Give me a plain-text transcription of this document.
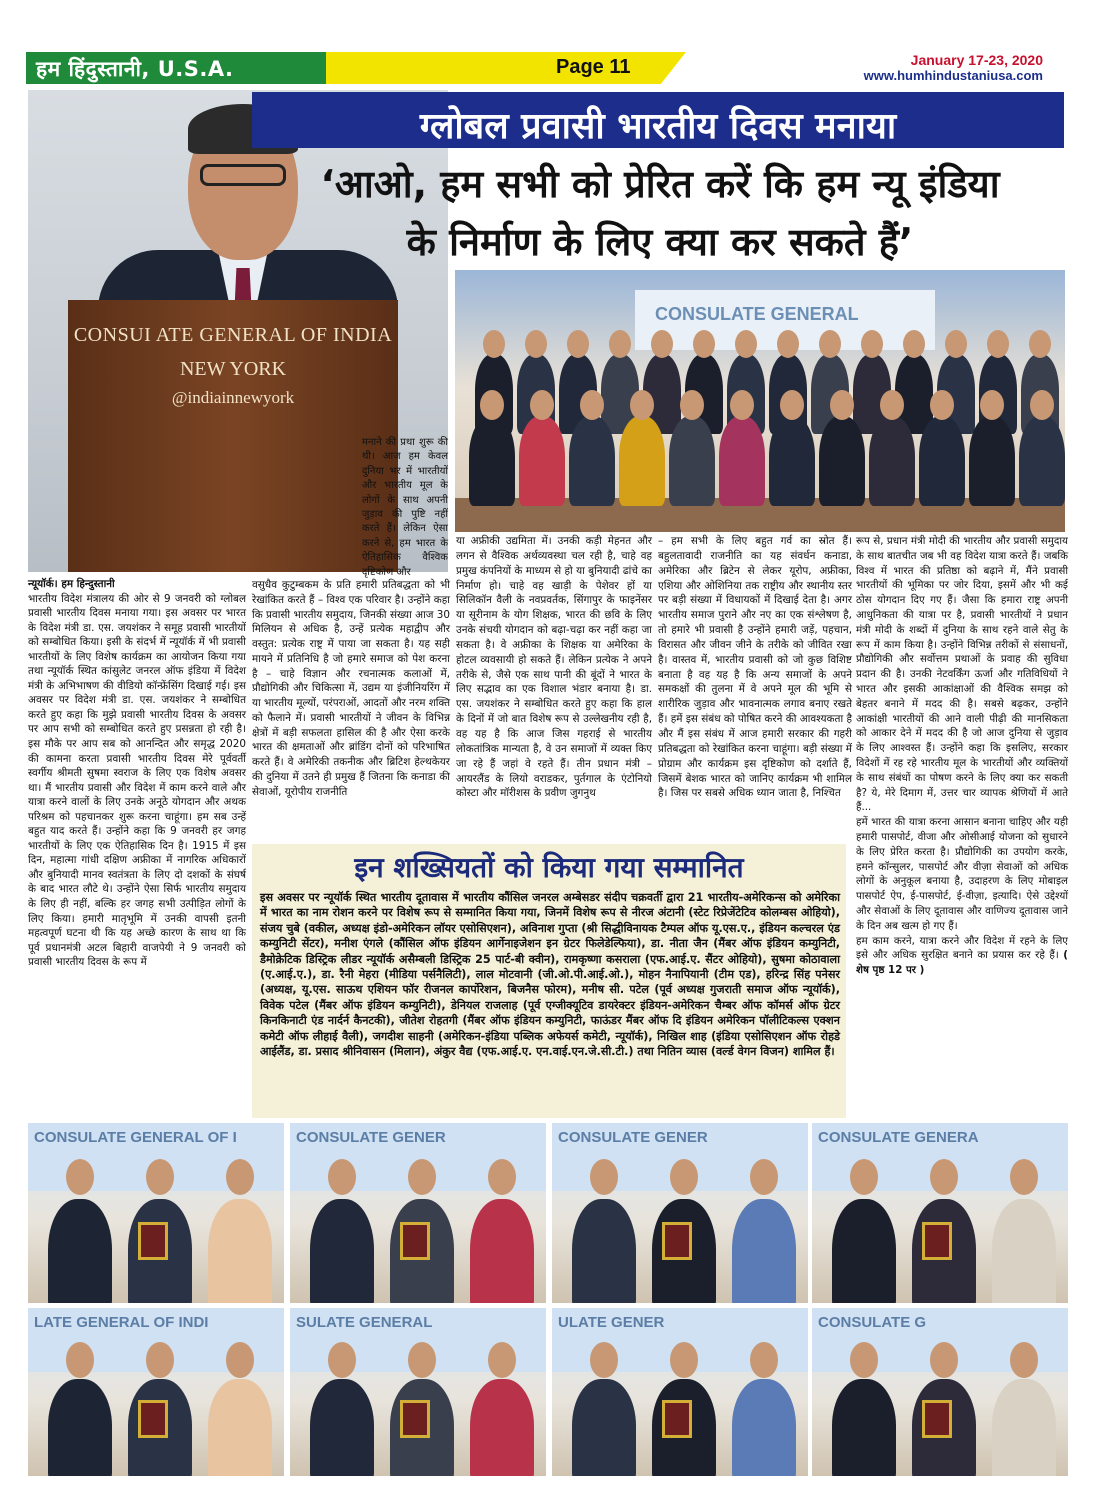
हम हिंदुस्तानी, U.S.A.	Page 11	January 17-23, 2020
www.humhindustaniusa.com
CONSUI ATE GENERAL OF INDIA
NEW YORK
@indiainnewyork
ग्लोबल प्रवासी भारतीय दिवस मनाया
‘आओ, हम सभी को प्रेरित करें कि हम न्यू इंडिया
के निर्माण के लिए क्या कर सकते हैं’
CONSULATE GENERAL
मनाने की प्रथा शुरू की थी। आज हम केवल दुनिया भर में भारतीयों और भारतीय मूल के लोगों के साथ अपनी जुड़ाव की पुष्टि नहीं करते हैं। लेकिन ऐसा करने से, हम भारत के ऐतिहासिक वैश्विक दृष्टिकोण और
न्यूयॉर्क। हम हिन्दुस्तानी
भारतीय विदेश मंत्रालय की ओर से 9 जनवरी को ग्लोबल प्रवासी भारतीय दिवस मनाया गया। इस अवसर पर भारत के विदेश मंत्री डा. एस. जयशंकर ने समूह प्रवासी भारतीयों को सम्बोधित किया। इसी के संदर्भ में न्यूयॉर्क में भी प्रवासी भारतीयों के लिए विशेष कार्यक्रम का आयोजन किया गया तथा न्यूयॉर्क स्थित कांसुलेट जनरल ऑफ इंडिया में विदेश मंत्री के अभिभाषण की वीडियो कॉन्फ्रेंसिंग दिखाई गई। इस अवसर पर विदेश मंत्री डा. एस. जयशंकर ने सम्बोधित करते हुए कहा कि मुझे प्रवासी भारतीय दिवस के अवसर पर आप सभी को सम्बोधित करते हुए प्रसन्नता हो रही है। इस मौके पर आप सब को आनन्दित और समृद्ध 2020 की कामना करता प्रवासी भारतीय दिवस मेरे पूर्ववर्ती स्वर्गीय श्रीमती सुषमा स्वराज के लिए एक विशेष अवसर था। मैं भारतीय प्रवासी और विदेश में काम करने वाले और यात्रा करने वालों के लिए उनके अनूठे योगदान और अथक परिश्रम को पहचानकर शुरू करना चाहूंगा। हम सब उन्हें बहुत याद करते हैं। उन्होंने कहा कि 9 जनवरी हर जगह भारतीयों के लिए एक ऐतिहासिक दिन है। 1915 में इस दिन, महात्मा गांधी दक्षिण अफ्रीका में नागरिक अधिकारों और बुनियादी मानव स्वतंत्रता के लिए दो दशकों के संघर्ष के बाद भारत लौटे थे। उन्होंने ऐसा सिर्फ भारतीय समुदाय के लिए ही नहीं, बल्कि हर जगह सभी उत्पीड़ित लोगों के लिए किया। हमारी मातृभूमि में उनकी वापसी इतनी महत्वपूर्ण घटना थी कि यह अच्छे कारण के साथ था कि पूर्व प्रधानमंत्री अटल बिहारी वाजपेयी ने 9 जनवरी को प्रवासी भारतीय दिवस के रूप में
वसुधैव कुटुम्बकम के प्रति हमारी प्रतिबद्धता को भी रेखांकित करते हैं – विश्व एक परिवार है। उन्होंने कहा कि प्रवासी भारतीय समुदाय, जिनकी संख्या आज 30 मिलियन से अधिक है, उन्हें प्रत्येक महाद्वीप और वस्तुत: प्रत्येक राष्ट्र में पाया जा सकता है। यह सही मायने में प्रतिनिधि है जो हमारे समाज को पेश करना है – चाहे विज्ञान और रचनात्मक कलाओं में, प्रौद्योगिकी और चिकित्सा में, उद्यम या इंजीनियरिंग में या भारतीय मूल्यों, परंपराओं, आदतों और नरम शक्ति को फैलाने में। प्रवासी भारतीयों ने जीवन के विभिन्न क्षेत्रों में बड़ी सफलता हासिल की है और ऐसा करके भारत की क्षमताओं और ब्रांडिंग दोनों को परिभाषित करते हैं। वे अमेरिकी तकनीक और ब्रिटिश हेल्थकेयर की दुनिया में उतने ही प्रमुख हैं जितना कि कनाडा की सेवाओं, यूरोपीय राजनीति
या अफ्रीकी उद्यमिता में। उनकी कड़ी मेहनत और लगन से वैश्विक अर्थव्यवस्था चल रही है, चाहे वह प्रमुख कंपनियों के माध्यम से हो या बुनियादी ढांचे का निर्माण हो। चाहे वह खाड़ी के पेशेवर हों या सिलिकॉन वैली के नवप्रवर्तक, सिंगापुर के फाइनेंसर या सूरीनाम के योग शिक्षक, भारत की छवि के लिए उनके संचयी योगदान को बढ़ा-चढ़ा कर नहीं कहा जा सकता है। वे अफ्रीका के शिक्षक या अमेरिका के होटल व्यवसायी हो सकते हैं। लेकिन प्रत्येक ने अपने तरीके से, जैसे एक साथ पानी की बूंदों ने भारत के लिए सद्भाव का एक विशाल भंडार बनाया है। डा. एस. जयशंकर ने सम्बोधित करते हुए कहा कि हाल के दिनों में जो बात विशेष रूप से उल्लेखनीय रही है, वह यह है कि आज जिस गहराई से भारतीय लोकतांत्रिक मान्यता है, वे उन समाजों में व्यक्त किए जा रहे हैं जहां वे रहते हैं। तीन प्रधान मंत्री – आयरलैंड के लियो वराडकर, पुर्तगाल के एंटोनियो कोस्टा और मॉरीशस के प्रवीण जुगनुथ
– हम सभी के लिए बहुत गर्व का स्रोत हैं। बहुलतावादी राजनीति का यह संवर्धन कनाडा, अमेरिका और ब्रिटेन से लेकर यूरोप, अफ्रीका, एशिया और ओशिनिया तक राष्ट्रीय और स्थानीय स्तर पर बड़ी संख्या में विधायकों में दिखाई देता है। अगर भारतीय समाज पुराने और नए का एक संश्लेषण है, तो हमारे भी प्रवासी है उन्होंने हमारी जड़ें, पहचान, विरासत और जीवन जीने के तरीके को जीवित रखा है। वास्तव में, भारतीय प्रवासी को जो कुछ विशिष्ट बनाता है वह यह है कि अन्य समाजों के अपने समकक्षों की तुलना में वे अपने मूल की भूमि से शारीरिक जुड़ाव और भावनात्मक लगाव बनाए रखते हैं। हमें इस संबंध को पोषित करने की आवश्यकता है और मैं इस संबंध में आज हमारी सरकार की गहरी प्रतिबद्धता को रेखांकित करना चाहूंगा। बड़ी संख्या में प्रोग्राम और कार्यक्रम इस दृष्टिकोण को दर्शाते हैं, जिसमें बेशक भारत को जानिए कार्यक्रम भी शामिल है। जिस पर सबसे अधिक ध्यान जाता है, निश्चित
रूप से, प्रधान मंत्री मोदी की भारतीय और प्रवासी समुदाय के साथ बातचीत जब भी वह विदेश यात्रा करते हैं। जबकि विश्व में भारत की प्रतिष्ठा को बढ़ाने में, मैंने प्रवासी भारतीयों की भूमिका पर जोर दिया, इसमें और भी कई ठोस योगदान दिए गए हैं। जैसा कि हमारा राष्ट्र अपनी आधुनिकता की यात्रा पर है, प्रवासी भारतीयों ने प्रधान मंत्री मोदी के शब्दों में दुनिया के साथ रहने वाले सेतु के रूप में काम किया है। उन्होंने विभिन्न तरीकों से संसाधनों, प्रौद्योगिकी और सर्वोत्तम प्रथाओं के प्रवाह की सुविधा प्रदान की है। उनकी नेटवर्किंग ऊर्जा और गतिविधियों ने भारत और इसकी आकांक्षाओं की वैश्विक समझ को बेहतर बनाने में मदद की है। सबसे बढ़कर, उन्होंने आकांक्षी भारतीयों की आने वाली पीढ़ी की मानसिकता को आकार देने में मदद की है जो आज दुनिया से जुड़ाव के लिए आश्वस्त हैं। उन्होंने कहा कि इसलिए, सरकार विदेशों में रह रहे भारतीय मूल के भारतीयों और व्यक्तियों के साथ संबंधों का पोषण करने के लिए क्या कर सकती है? ये, मेरे दिमाग में, उत्तर चार व्यापक श्रेणियों में आते हैं...
हमें भारत की यात्रा करना आसान बनाना चाहिए और यही हमारी पासपोर्ट, वीजा और ओसीआई योजना को सुधारने के लिए प्रेरित करता है। प्रौद्योगिकी का उपयोग करके, हमने कॉन्सुलर, पासपोर्ट और वीज़ा सेवाओं को अधिक लोगों के अनुकूल बनाया है, उदाहरण के लिए मोबाइल पासपोर्ट ऐप, ई-पासपोर्ट, ई-वीज़ा, इत्यादि। ऐसे उद्देश्यों और सेवाओं के लिए दूतावास और वाणिज्य दूतावास जाने के दिन अब खत्म हो गए हैं।
हम काम करने, यात्रा करने और विदेश में रहने के लिए इसे और अधिक सुरक्षित बनाने का प्रयास कर रहे हैं। ( शेष पृष्ठ 12 पर )
इन शख्सियतों को किया गया सम्मानित
इस अवसर पर न्यूयॉर्क स्थित भारतीय दूतावास में भारतीय कौंसिल जनरल अम्बेसडर संदीप चक्रवर्ती द्वारा 21 भारतीय-अमेरिकन्स को अमेरिका में भारत का नाम रोशन करने पर विशेष रूप से सम्मानित किया गया, जिनमें विशेष रूप से नीरज अंटानी (स्टेट रिप्रेजेंटेटिव कोलम्बस ओहियो), संजय चुबे (वकील, अध्यक्ष इंडो-अमेरिकन लॉयर एसोसिएशन), अविनाश गुप्ता (श्री सिद्धीविनायक टैम्पल ऑफ यू.एस.ए., इंडियन कल्चरल एंड कम्युनिटी सेंटर), मनीश एंगले (कौंसिल ऑफ इंडियन आर्गेनाइजेशन इन ग्रेटर फिलेडेल्फिया), डा. नीता जैन (मैंबर ऑफ इंडियन कम्युनिटी, डैमोक्रेटिक डिस्ट्रिक लीडर न्यूयॉर्क असैम्बली डिस्ट्रिक 25 पार्ट-बी क्वीन), रामकृष्णा कसराला (एफ.आई.ए. सैंटर ओहियो), सुषमा कोठावाला (ए.आई.ए.), डा. रैनी मेहरा (मीडिया पर्सनैलिटी), लाल मोटवानी (जी.ओ.पी.आई.ओ.), मोहन नैनापियानी (टीम एड), हरिन्द्र सिंह पनेसर (अध्यक्ष, यू.एस. साऊथ एशियन फॉर रीजनल कार्पोरेशन, बिजनैस फोरम), मनीष सी. पटेल (पूर्व अध्यक्ष गुजराती समाज ऑफ न्यूयॉर्क), विवेक पटेल (मैंबर ऑफ इंडियन कम्युनिटी), डेनियल राजलाह (पूर्व एग्जीक्यूटिव डायरेक्टर इंडियन-अमेरिकन चैम्बर ऑफ कॉमर्स ऑफ ग्रेटर किनकिनाटी एंड नार्दर्न कैनटकी), जीतेश रोहतगी (मैंबर ऑफ इंडियन कम्युनिटी, फाऊंडर मैंबर ऑफ दि इंडियन अमेरिकन पॉलीटिकल्स एक्शन कमेटी ऑफ लीहाई वैली), जगदीश साहनी (अमेरिकन-इंडिया पब्लिक अफेयर्स कमेटी, न्यूयॉर्क), निखिल शाह (इंडिया एसोसिएशन ऑफ रोहडे आईलैंड, डा. प्रसाद श्रीनिवासन (मिलान), अंकुर वैद्य (एफ.आई.ए. एन.वाई.एन.जे.सी.टी.) तथा नितिन व्यास (वर्ल्ड वेगन विजन) शामिल हैं।
CONSULATE GENERAL OF I	CONSULATE GENER	CONSULATE GENER	CONSULATE GENERA
LATE GENERAL OF INDI	SULATE GENERAL	ULATE GENER	CONSULATE G
